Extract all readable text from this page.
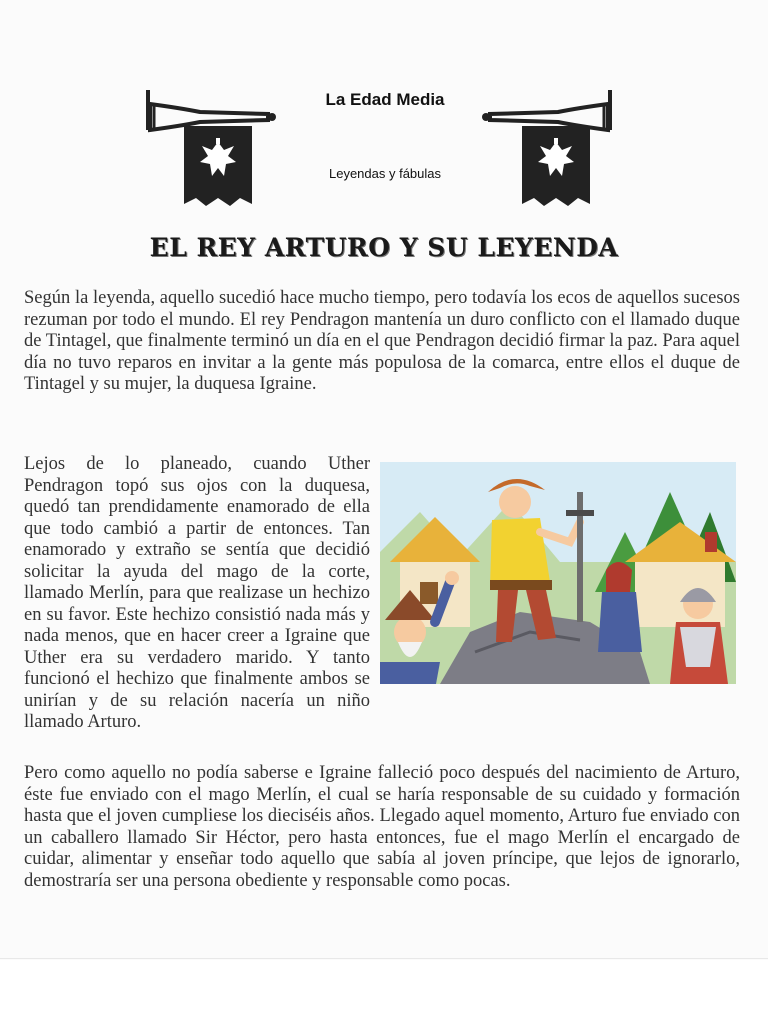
La Edad Media
Leyendas y fábulas
EL REY ARTURO Y SU LEYENDA
Según la leyenda, aquello sucedió hace mucho tiempo, pero todavía los ecos de aquellos sucesos rezuman por todo el mundo. El rey Pendragon mantenía un duro conflicto con el llamado duque de Tintagel, que finalmente terminó un día en el que Pendragon decidió firmar la paz. Para aquel día no tuvo reparos en invitar a la gente más populosa de la comarca, entre ellos el duque de Tintagel y su mujer, la duquesa Igraine.
Lejos de lo planeado, cuando Uther Pendragon topó sus ojos con la duquesa, quedó tan prendidamente enamorado de ella que todo cambió a partir de entonces. Tan enamorado y extraño se sentía que decidió solicitar la ayuda del mago de la corte, llamado Merlín, para que realizase un hechizo en su favor. Este hechizo consistió nada más y nada menos, que en hacer creer a Igraine que Uther era su verdadero marido. Y tanto funcionó el hechizo que finalmente ambos se unirían y de su relación nacería un niño llamado Arturo.
Pero como aquello no podía saberse e Igraine falleció poco después del nacimiento de Arturo, éste fue enviado con el mago Merlín, el cual se haría responsable de su cuidado y formación hasta que el joven cumpliese los dieciséis años. Llegado aquel momento, Arturo fue enviado con un caballero llamado Sir Héctor, pero hasta entonces, fue el mago Merlín el encargado de cuidar, alimentar y enseñar todo aquello que sabía al joven príncipe, que lejos de ignorarlo, demostraría ser una persona obediente y responsable como pocas.
